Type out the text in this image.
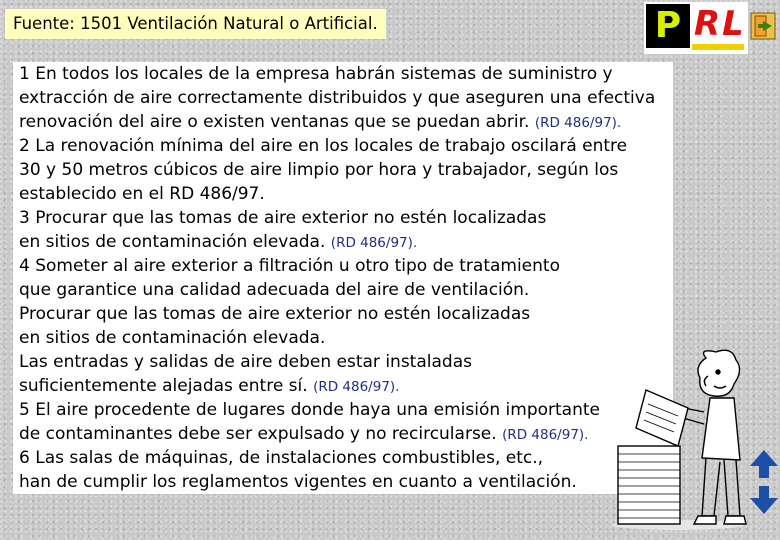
Fuente: 1501 Ventilación Natural o Artificial.	P RL
1 En todos los locales de la empresa habrán sistemas de suministro y
extracción de aire correctamente distribuidos y que aseguren una efectiva
renovación del aire o existen ventanas que se puedan abrir. (RD 486/97).
2 La renovación mínima del aire en los locales de trabajo oscilará entre
30 y 50 metros cúbicos de aire limpio por hora y trabajador, según los
establecido en el RD 486/97.
3 Procurar que las tomas de aire exterior no estén localizadas
en sitios de contaminación elevada. (RD 486/97).
4 Someter al aire exterior a filtración u otro tipo de tratamiento
que garantice una calidad adecuada del aire de ventilación.
Procurar que las tomas de aire exterior no estén localizadas
en sitios de contaminación elevada.
Las entradas y salidas de aire deben estar instaladas
suficientemente alejadas entre sí. (RD 486/97).
5 El aire procedente de lugares donde haya una emisión importante
de contaminantes debe ser expulsado y no recircularse. (RD 486/97).
6 Las salas de máquinas, de instalaciones combustibles, etc.,
han de cumplir los reglamentos vigentes en cuanto a ventilación.
